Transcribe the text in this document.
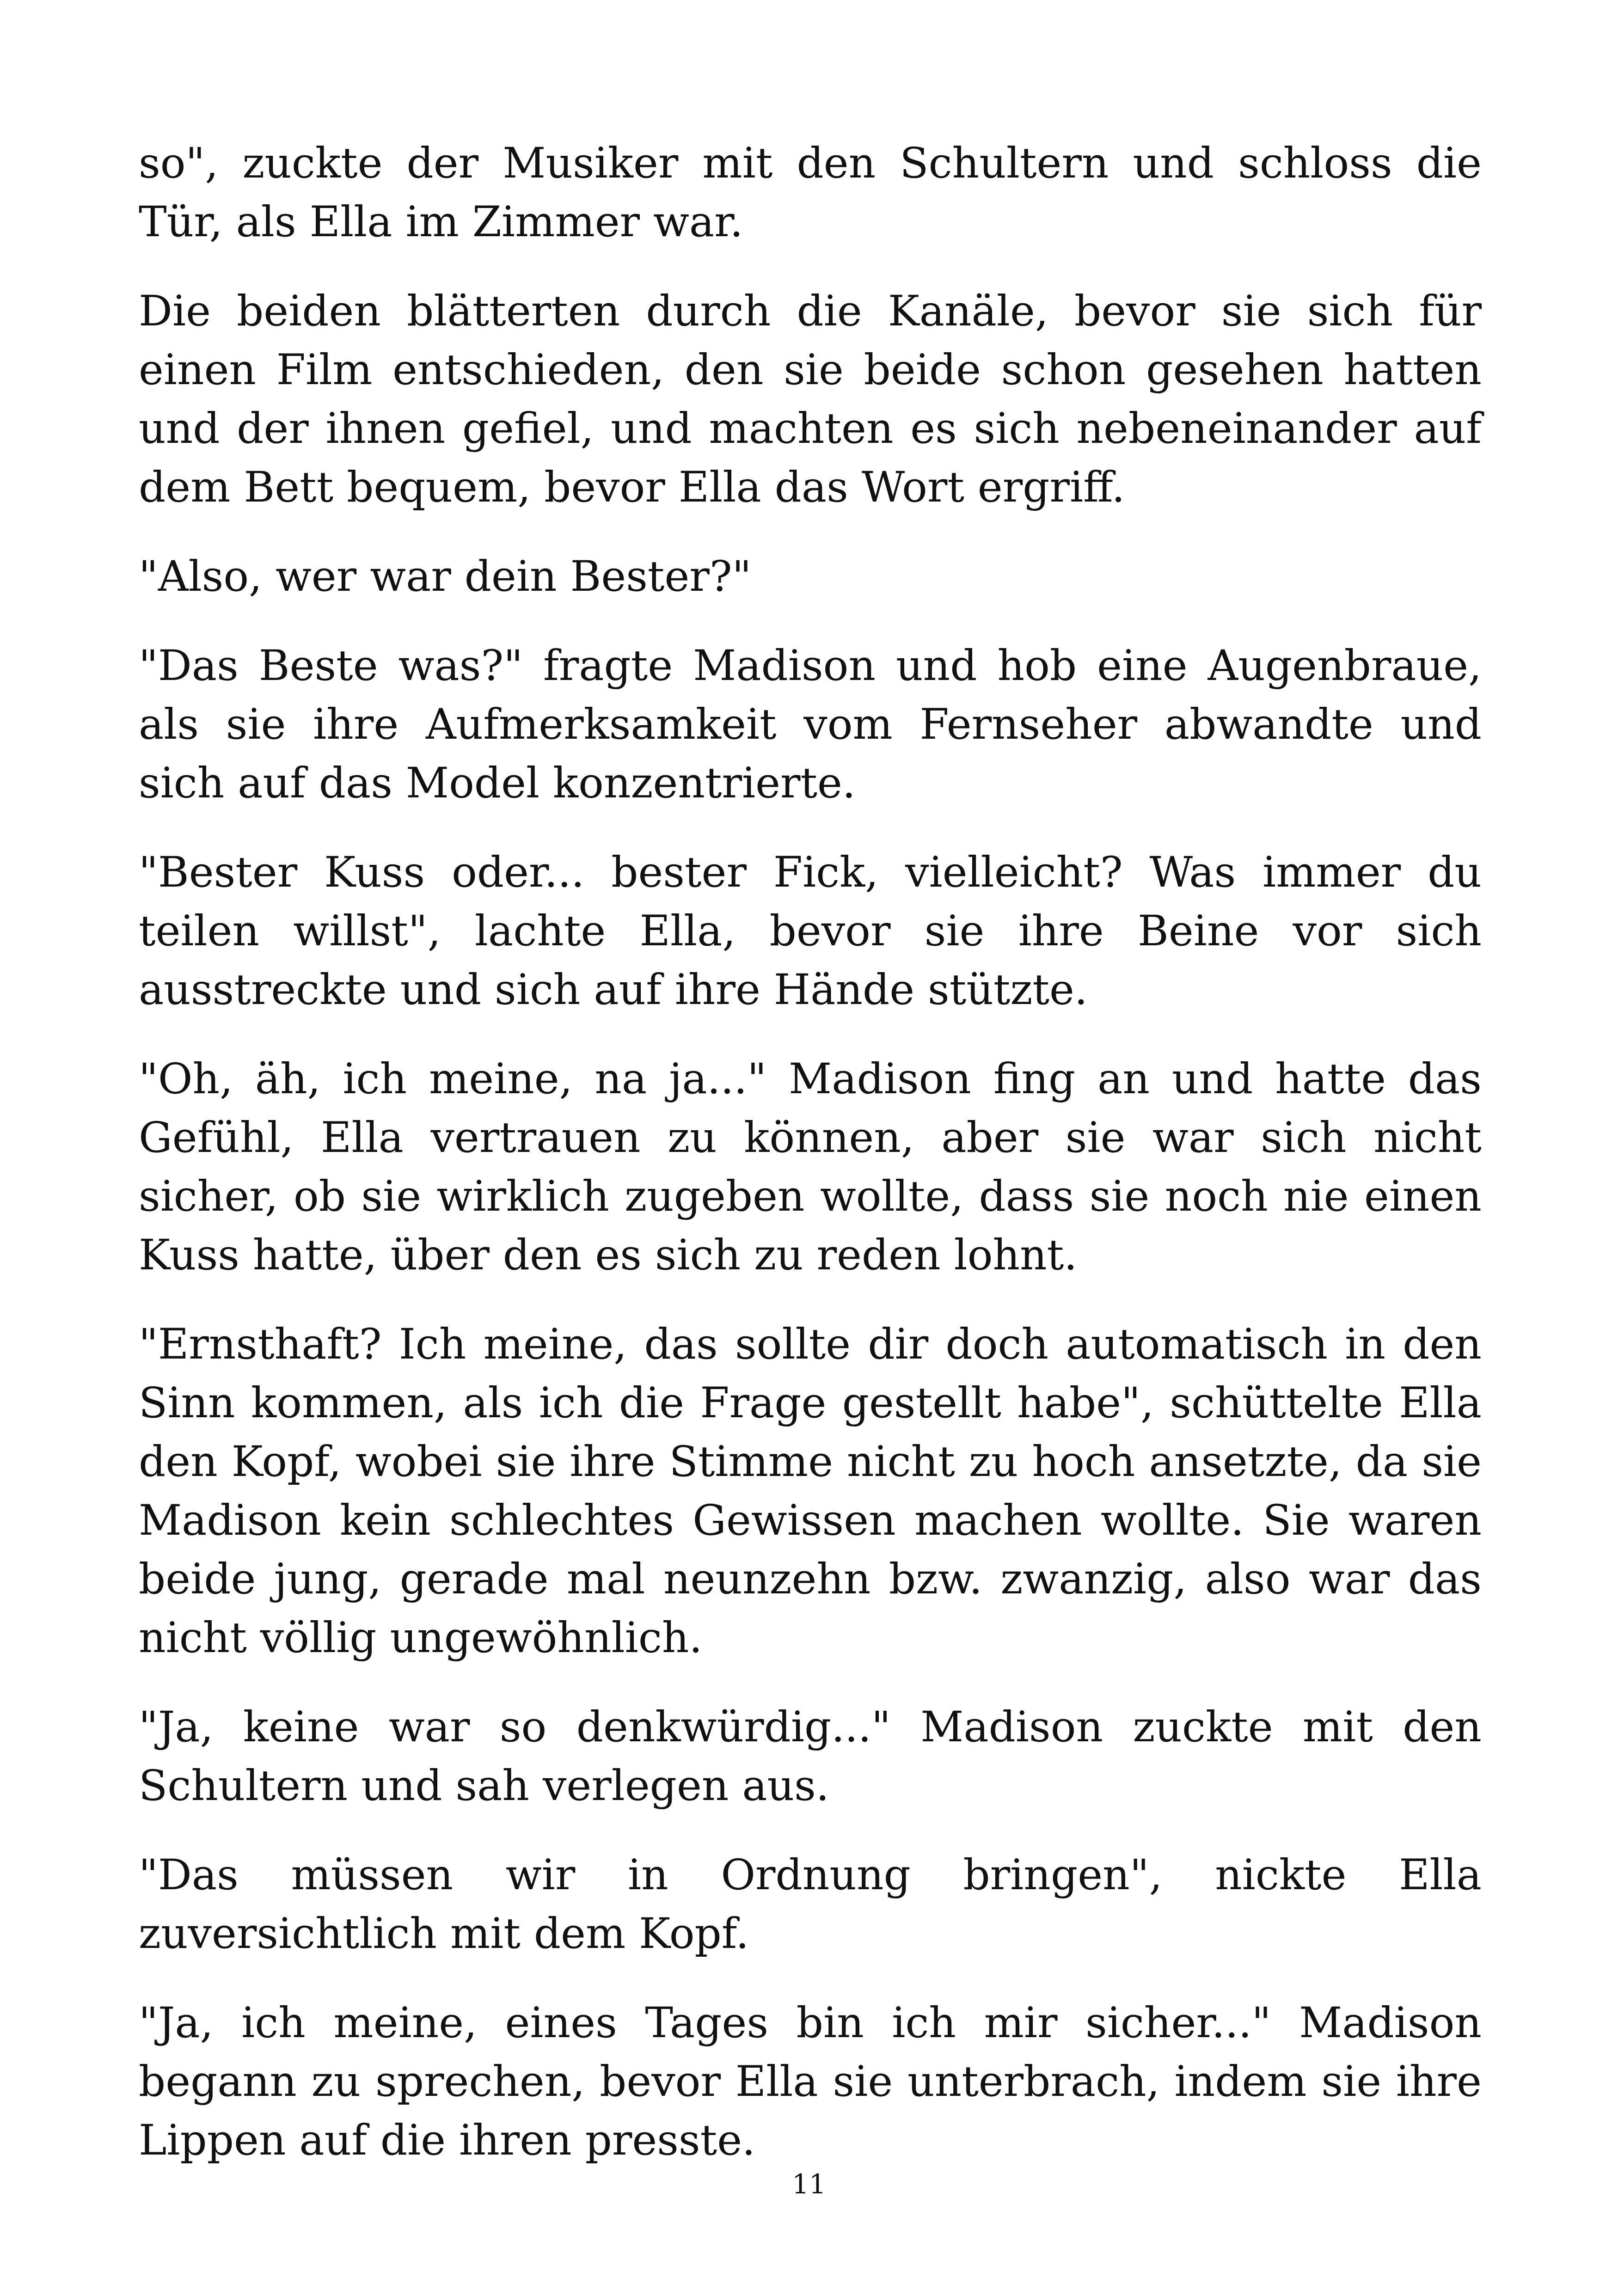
so", zuckte der Musiker mit den Schultern und schloss die Tür, als Ella im Zimmer war.

Die beiden blätterten durch die Kanäle, bevor sie sich für einen Film entschieden, den sie beide schon gesehen hatten und der ihnen gefiel, und machten es sich nebeneinander auf dem Bett bequem, bevor Ella das Wort ergriff.

"Also, wer war dein Bester?"

"Das Beste was?" fragte Madison und hob eine Augenbraue, als sie ihre Aufmerksamkeit vom Fernseher abwandte und sich auf das Model konzentrierte.

"Bester Kuss oder... bester Fick, vielleicht? Was immer du teilen willst", lachte Ella, bevor sie ihre Beine vor sich ausstreckte und sich auf ihre Hände stützte.

"Oh, äh, ich meine, na ja..." Madison fing an und hatte das Gefühl, Ella vertrauen zu können, aber sie war sich nicht sicher, ob sie wirklich zugeben wollte, dass sie noch nie einen Kuss hatte, über den es sich zu reden lohnt.

"Ernsthaft? Ich meine, das sollte dir doch automatisch in den Sinn kommen, als ich die Frage gestellt habe", schüttelte Ella den Kopf, wobei sie ihre Stimme nicht zu hoch ansetzte, da sie Madison kein schlechtes Gewissen machen wollte. Sie waren beide jung, gerade mal neunzehn bzw. zwanzig, also war das nicht völlig ungewöhnlich.

"Ja, keine war so denkwürdig..." Madison zuckte mit den Schultern und sah verlegen aus.

"Das müssen wir in Ordnung bringen", nickte Ella zuversichtlich mit dem Kopf.

"Ja, ich meine, eines Tages bin ich mir sicher..." Madison begann zu sprechen, bevor Ella sie unterbrach, indem sie ihre Lippen auf die ihren presste.

11
